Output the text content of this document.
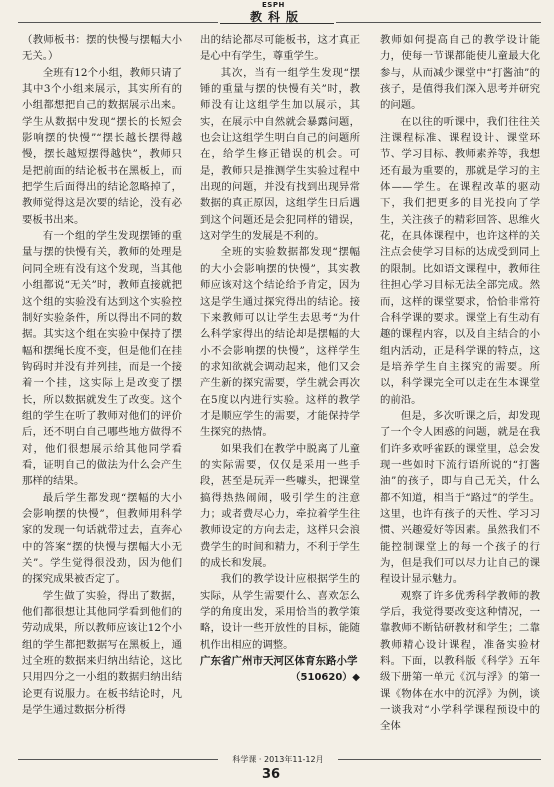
ESPH
教科版

（教师板书：摆的快慢与摆幅大小无关。）

全班有12个小组，教师只请了其中3个小组来展示，其实所有的小组都想把自己的数据展示出来。学生从数据中发现“摆长的长短会影响摆的快慢”“摆长越长摆得越慢，摆长越短摆得越快”，教师只是把前面的结论板书在黑板上，而把学生后面得出的结论忽略掉了，教师觉得这是次要的结论，没有必要板书出来。

有一个组的学生发现摆锤的重量与摆的快慢有关，教师的处理是问同全班有没有这个发现，当其他小组都说“无关”时，教师直接就把这个组的实验没有达到这个实验控制好实验条件，所以得出不同的数据。其实这个组在实验中保持了摆幅和摆绳长度不变，但是他们在挂钩码时并没有并列挂，而是一个接着一个挂，这实际上是改变了摆长，所以数据就发生了改变。这个组的学生在听了教师对他们的评价后，还不明白自己哪些地方做得不对，他们很想展示给其他同学看看，证明自己的做法为什么会产生那样的结果。

最后学生都发现“摆幅的大小会影响摆的快慢”，但教师用科学家的发现一句话就带过去，直奔心中的答案“摆的快慢与摆幅大小无关”。学生觉得很没劲，因为他们的探究成果被否定了。

学生做了实验，得出了数据，他们都很想让其他同学看到他们的劳动成果，所以教师应该让12个小组的学生都把数据写在黑板上，通过全班的数据来归纳出结论，这比只用四分之一小组的数据归纳出结论更有说服力。在板书结论时，凡是学生通过数据分析得

出的结论都尽可能板书，这才真正是心中有学生，尊重学生。

其次，当有一组学生发现“摆锤的重量与摆的快慢有关”时，教师没有让这组学生加以展示，其实，在展示中自然就会暴露问题，也会让这组学生明白自己的问题所在，给学生修正错误的机会。可是，教师只是推测学生实验过程中出现的问题，并没有找到出现异常数据的真正原因，这组学生日后遇到这个问题还是会犯同样的错误，这对学生的发展是不利的。

全班的实验数据都发现“摆幅的大小会影响摆的快慢”，其实教师应该对这个结论给予肯定，因为这是学生通过探究得出的结论。接下来教师可以让学生去思考“为什么科学家得出的结论却是摆幅的大小不会影响摆的快慢”，这样学生的求知欲就会调动起来，他们又会产生新的探究需要，学生就会再次在5度以内进行实验。这样的教学才是顺应学生的需要，才能保持学生探究的热情。

如果我们在教学中脱离了儿童的实际需要，仅仅是采用一些手段，甚至是玩弄一些噱头，把课堂搞得热热闹闹，吸引学生的注意力；或者费尽心力，牵拉着学生往教师设定的方向去走，这样只会浪费学生的时间和精力，不利于学生的成长和发展。

我们的教学设计应根据学生的实际，从学生需要什么、喜欢怎么学的角度出发，采用恰当的教学策略，设计一些开放性的目标，能随机作出相应的调整。

广东省广州市天河区体育东路小学

（510620）◆

教师如何提高自己的教学设计能力，使每一节课都能使儿童最大化参与，从而减少课堂中“打酱油”的孩子，是值得我们深入思考并研究的问题。

在以往的听课中，我们往往关注课程标准、课程设计、课堂环节、学习目标、教师素养等，我想还有最为重要的，那就是学习的主体——学生。在课程改革的驱动下，我们把更多的目光投向了学生，关注孩子的精彩回答、思维火花，在具体课程中，也许这样的关注点会使学习目标的达成受到同上的限制。比如语文课程中，教师往往担心学习目标无法全部完成。然而，这样的课堂要求，恰恰非常符合科学课的要求。课堂上有生动有趣的课程内容，以及自主结合的小组内活动，正是科学课的特点，这是培养学生自主探究的需要。所以，科学课完全可以走在生本课堂的前沿。

但是，多次听课之后，却发现了一个令人困惑的问题，就是在我们许多欢呼雀跃的课堂里，总会发现一些如时下流行语所说的“打酱油”的孩子，即与自己无关，什么都不知道，相当于“路过”的学生。这里，也许有孩子的天性、学习习惯、兴趣爱好等因素。虽然我们不能控制课堂上的每一个孩子的行为，但是我们可以尽力让自己的课程设计显示魅力。

观察了许多优秀科学教师的教学后，我觉得要改变这种情况，一靠教师不断钻研教材和学生；二靠教师精心设计课程，准备实验材料。下面，以教科版《科学》五年级下册第一单元《沉与浮》的第一课《物体在水中的沉浮》为例，谈一谈我对“小学科学课程预设中的全体

科学课 · 2013年11-12月
36
